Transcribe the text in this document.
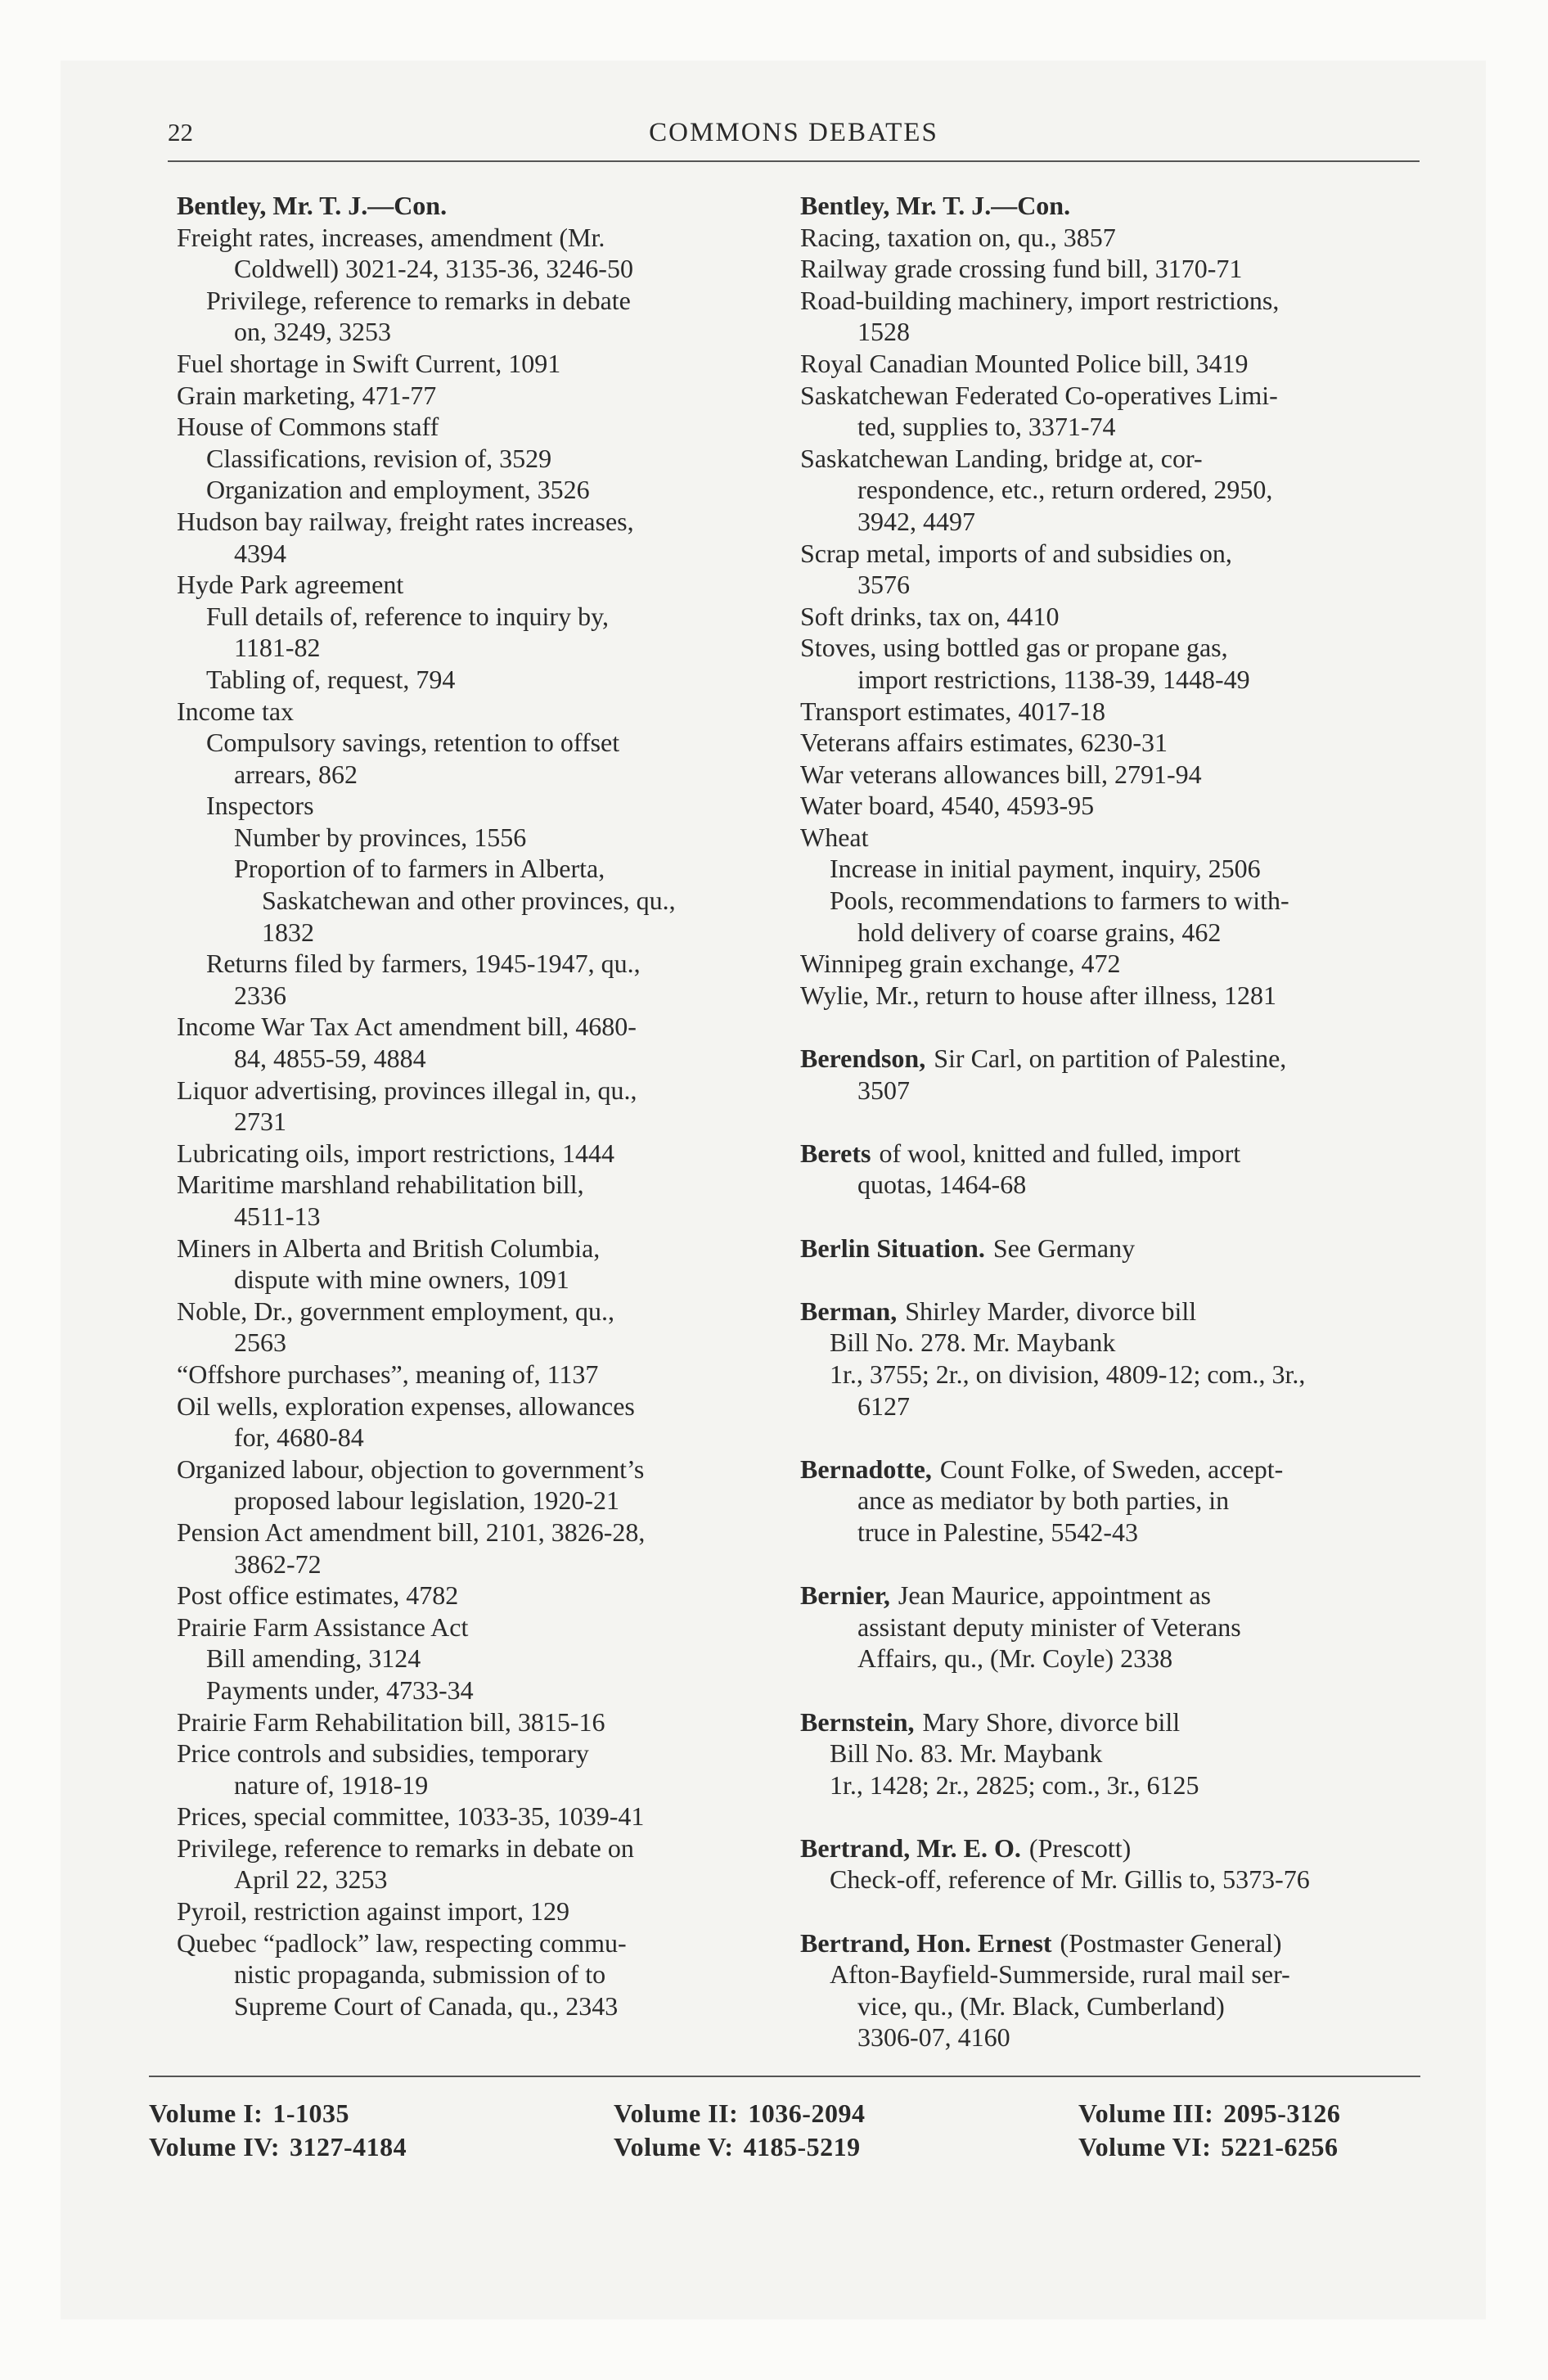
22	COMMONS DEBATES
Bentley, Mr. T. J.—Con.
Freight rates, increases, amendment (Mr.
Coldwell) 3021-24, 3135-36, 3246-50
Privilege, reference to remarks in debate
on, 3249, 3253
Fuel shortage in Swift Current, 1091
Grain marketing, 471-77
House of Commons staff
Classifications, revision of, 3529
Organization and employment, 3526
Hudson bay railway, freight rates increases,
4394
Hyde Park agreement
Full details of, reference to inquiry by,
1181-82
Tabling of, request, 794
Income tax
Compulsory savings, retention to offset
arrears, 862
Inspectors
Number by provinces, 1556
Proportion of to farmers in Alberta,
Saskatchewan and other provinces, qu.,
1832
Returns filed by farmers, 1945-1947, qu.,
2336
Income War Tax Act amendment bill, 4680-
84, 4855-59, 4884
Liquor advertising, provinces illegal in, qu.,
2731
Lubricating oils, import restrictions, 1444
Maritime marshland rehabilitation bill,
4511-13
Miners in Alberta and British Columbia,
dispute with mine owners, 1091
Noble, Dr., government employment, qu.,
2563
“Offshore purchases”, meaning of, 1137
Oil wells, exploration expenses, allowances
for, 4680-84
Organized labour, objection to government’s
proposed labour legislation, 1920-21
Pension Act amendment bill, 2101, 3826-28,
3862-72
Post office estimates, 4782
Prairie Farm Assistance Act
Bill amending, 3124
Payments under, 4733-34
Prairie Farm Rehabilitation bill, 3815-16
Price controls and subsidies, temporary
nature of, 1918-19
Prices, special committee, 1033-35, 1039-41
Privilege, reference to remarks in debate on
April 22, 3253
Pyroil, restriction against import, 129
Quebec “padlock” law, respecting commu-
nistic propaganda, submission of to
Supreme Court of Canada, qu., 2343
Bentley, Mr. T. J.—Con.
Racing, taxation on, qu., 3857
Railway grade crossing fund bill, 3170-71
Road-building machinery, import restrictions,
1528
Royal Canadian Mounted Police bill, 3419
Saskatchewan Federated Co-operatives Limi-
ted, supplies to, 3371-74
Saskatchewan Landing, bridge at, cor-
respondence, etc., return ordered, 2950,
3942, 4497
Scrap metal, imports of and subsidies on,
3576
Soft drinks, tax on, 4410
Stoves, using bottled gas or propane gas,
import restrictions, 1138-39, 1448-49
Transport estimates, 4017-18
Veterans affairs estimates, 6230-31
War veterans allowances bill, 2791-94
Water board, 4540, 4593-95
Wheat
Increase in initial payment, inquiry, 2506
Pools, recommendations to farmers to with-
hold delivery of coarse grains, 462
Winnipeg grain exchange, 472
Wylie, Mr., return to house after illness, 1281
Berendson, Sir Carl, on partition of Palestine,
3507
Berets of wool, knitted and fulled, import
quotas, 1464-68
Berlin Situation. See Germany
Berman, Shirley Marder, divorce bill
Bill No. 278. Mr. Maybank
1r., 3755; 2r., on division, 4809-12; com., 3r.,
6127
Bernadotte, Count Folke, of Sweden, accept-
ance as mediator by both parties, in
truce in Palestine, 5542-43
Bernier, Jean Maurice, appointment as
assistant deputy minister of Veterans
Affairs, qu., (Mr. Coyle) 2338
Bernstein, Mary Shore, divorce bill
Bill No. 83. Mr. Maybank
1r., 1428; 2r., 2825; com., 3r., 6125
Bertrand, Mr. E. O. (Prescott)
Check-off, reference of Mr. Gillis to, 5373-76
Bertrand, Hon. Ernest (Postmaster General)
Afton-Bayfield-Summerside, rural mail ser-
vice, qu., (Mr. Black, Cumberland)
3306-07, 4160
Volume I: 1-1035	Volume II: 1036-2094	Volume III: 2095-3126
Volume IV: 3127-4184	Volume V: 4185-5219	Volume VI: 5221-6256
